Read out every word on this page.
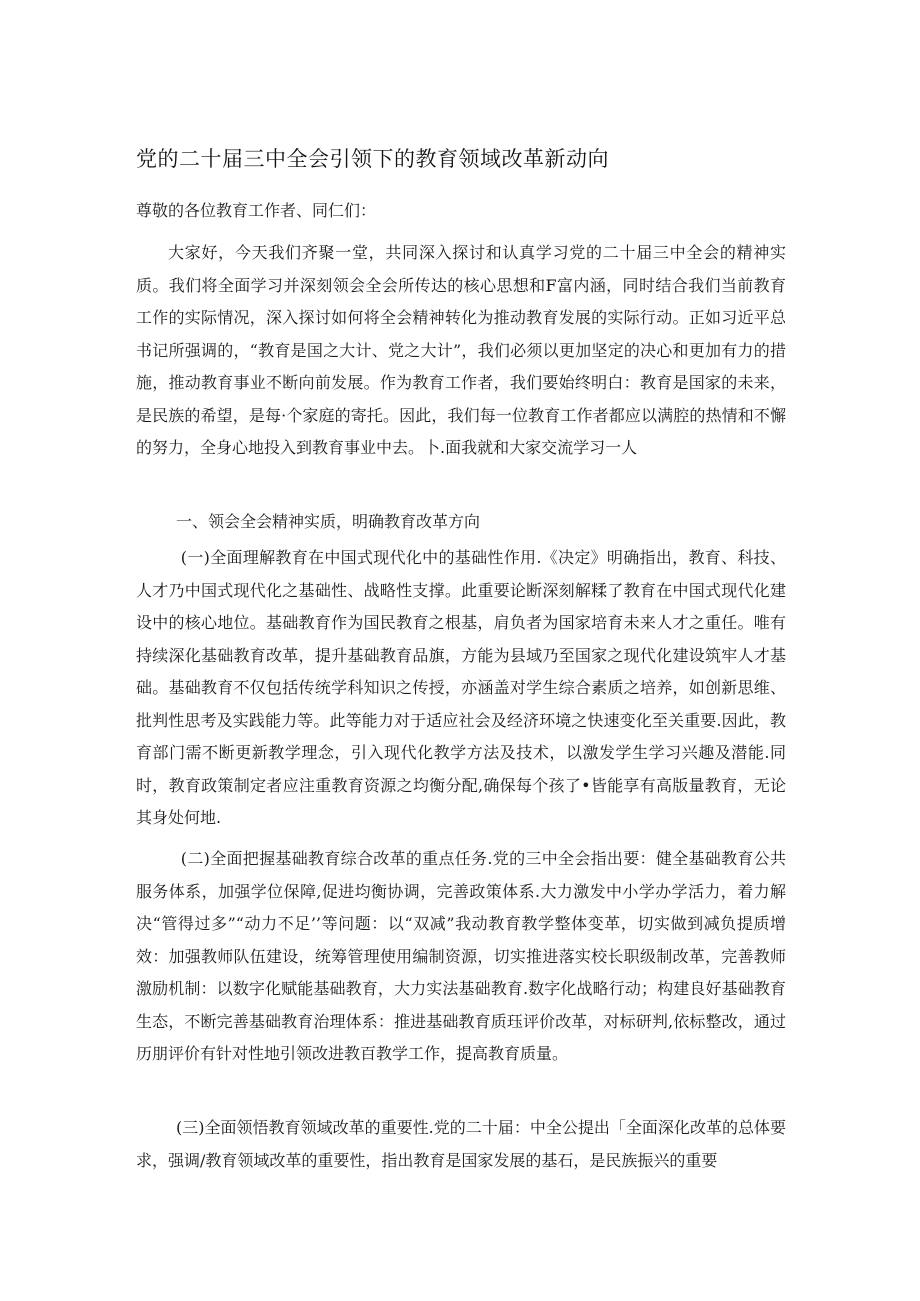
党的二十届三中全会引领下的教育领域改革新动向
尊敬的各位教育工作者、同仁们：

大家好，今天我们齐聚一堂，共同深入探讨和认真学习党的二十届三中全会的精神实质。我们将全面学习并深刻领会全会所传达的核心思想和F富内涵，同时结合我们当前教育工作的实际情况，深入探讨如何将全会精神转化为推动教育发展的实际行动。正如习近平总书记所强调的，“教育是国之大计、党之大计”，我们必须以更加坚定的决心和更加有力的措施，推动教育事业不断向前发展。作为教育工作者，我们要始终明白：教育是国家的未来，是民族的希望，是每·个家庭的寄托。因此，我们每一位教育工作者都应以满腔的热情和不懈的努力，全身心地投入到教育事业中去。卜.面我就和大家交流学习一人

一、领会全会精神实质，明确教育改革方向

(一)全面理解教育在中国式现代化中的基础性作用.《决定》明确指出，教育、科技、人才乃中国式现代化之基础性、战略性支撑。此重要论断深刻解糅了教育在中国式现代化建设中的核心地位。基础教育作为国民教育之根基，肩负者为国家培育未来人才之重任。唯有持续深化基础教育改革，提升基础教育品旗，方能为县域乃至国家之现代化建设筑牢人才基础。基础教育不仅包括传统学科知识之传授，亦涵盖对学生综合素质之培养，如创新思维、批判性思考及实践能力等。此等能力对于适应社会及经济环境之快速变化至关重要.因此，教育部门需不断更新教学理念，引入现代化教学方法及技术，以激发学生学习兴趣及潜能.同时，教育政策制定者应注重教育资源之均衡分配,确保每个孩了•皆能享有高版量教育，无论其身处何地.

(二)全面把握基础教育综合改革的重点任务.党的三中全会指出要：健全基础教育公共服务体系，加强学位保障,促进均衡协调，完善政策体系.大力激发中小学办学活力，着力解决“管得过多”“动力不足’’等问题：以“双减”我动教育教学整体变革，切实做到减负提质增效：加强教师队伍建设，统筹管理使用编制资源，切实推进落实校长职级制改革，完善教师激励机制：以数字化赋能基础教育，大力实法基础教育.数字化战略行动；构建良好基础教育生态，不断完善基础教育治理体系：推进基础教育质珏评价改革，对标研判,依标整改，通过历朋评价有针对性地引领改进教百教学工作，提高教育质量。

(三)全面领悟教育领域改革的重要性.党的二十届：中全公提出「全面深化改革的总体要求，强调/教育领域改革的重要性，指出教育是国家发展的基石，是民族振兴的重要
